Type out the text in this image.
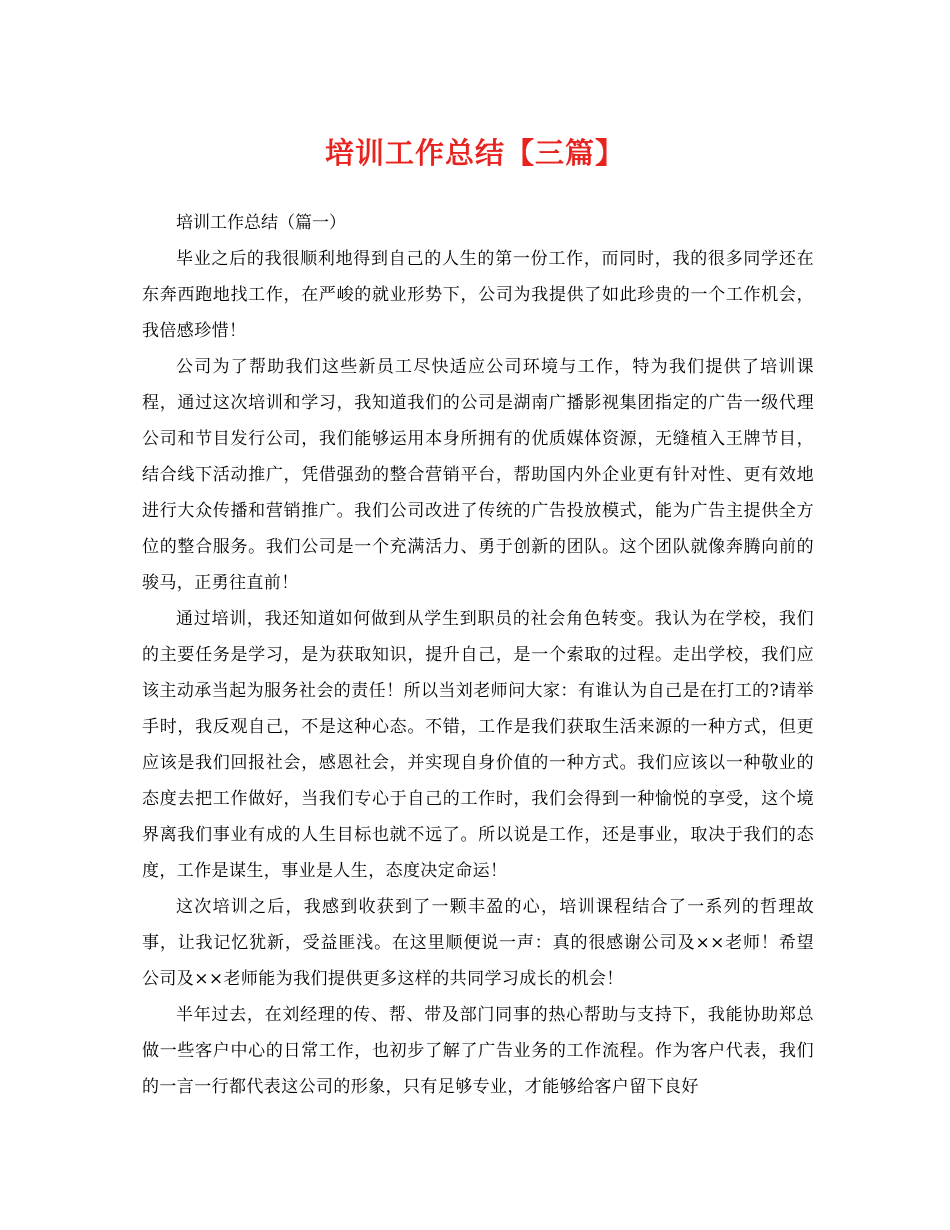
培训工作总结【三篇】

培训工作总结（篇一）

毕业之后的我很顺利地得到自己的人生的第一份工作，而同时，我的很多同学还在东奔西跑地找工作，在严峻的就业形势下，公司为我提供了如此珍贵的一个工作机会，我倍感珍惜！

公司为了帮助我们这些新员工尽快适应公司环境与工作，特为我们提供了培训课程，通过这次培训和学习，我知道我们的公司是湖南广播影视集团指定的广告一级代理公司和节目发行公司，我们能够运用本身所拥有的优质媒体资源，无缝植入王牌节目，结合线下活动推广，凭借强劲的整合营销平台，帮助国内外企业更有针对性、更有效地进行大众传播和营销推广。我们公司改进了传统的广告投放模式，能为广告主提供全方位的整合服务。我们公司是一个充满活力、勇于创新的团队。这个团队就像奔腾向前的骏马，正勇往直前！

通过培训，我还知道如何做到从学生到职员的社会角色转变。我认为在学校，我们的主要任务是学习，是为获取知识，提升自己，是一个索取的过程。走出学校，我们应该主动承当起为服务社会的责任！所以当刘老师问大家：有谁认为自己是在打工的?请举手时，我反观自己，不是这种心态。不错，工作是我们获取生活来源的一种方式，但更应该是我们回报社会，感恩社会，并实现自身价值的一种方式。我们应该以一种敬业的态度去把工作做好，当我们专心于自己的工作时，我们会得到一种愉悦的享受，这个境界离我们事业有成的人生目标也就不远了。所以说是工作，还是事业，取决于我们的态度，工作是谋生，事业是人生，态度决定命运！

这次培训之后，我感到收获到了一颗丰盈的心，培训课程结合了一系列的哲理故事，让我记忆犹新，受益匪浅。在这里顺便说一声：真的很感谢公司及××老师！希望公司及××老师能为我们提供更多这样的共同学习成长的机会！

半年过去，在刘经理的传、帮、带及部门同事的热心帮助与支持下，我能协助郑总做一些客户中心的日常工作，也初步了解了广告业务的工作流程。作为客户代表，我们的一言一行都代表这公司的形象，只有足够专业，才能够给客户留下良好
